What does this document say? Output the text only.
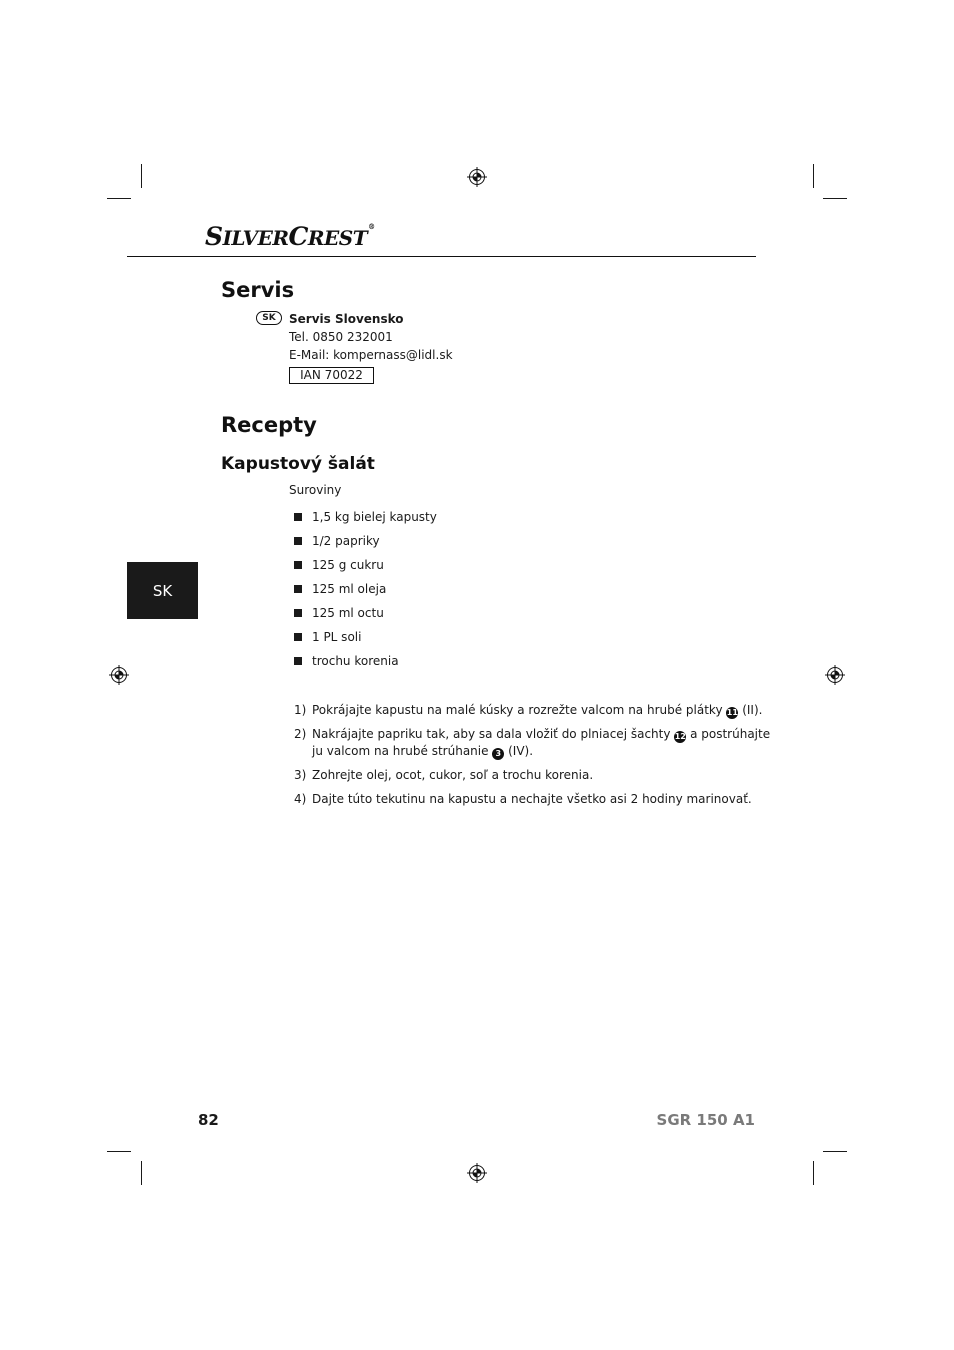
SILVERCREST®
Servis
SK	Servis Slovensko
Tel. 0850 232001
E-Mail: kompernass@lidl.sk
IAN 70022
Recepty
Kapustový šalát
Suroviny
1,5 kg bielej kapusty
1/2 papriky
125 g cukru
125 ml oleja
125 ml octu
1 PL soli
trochu korenia
SK
1) Pokrájajte kapustu na malé kúsky a rozrežte valcom na hrubé plátky 11 (II).
2) Nakrájajte papriku tak, aby sa dala vložiť do plniacej šachty 12 a postrúhajte
ju valcom na hrubé strúhanie 3 (IV).
3) Zohrejte olej, ocot, cukor, soľ a trochu korenia.
4) Dajte túto tekutinu na kapustu a nechajte všetko asi 2 hodiny marinovať.
82	SGR 150 A1
